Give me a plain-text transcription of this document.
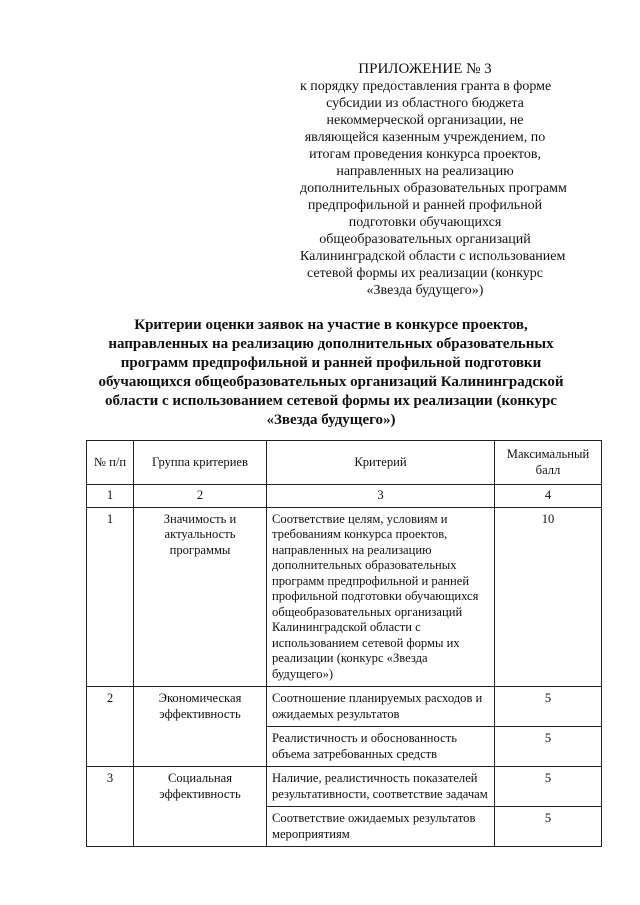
ПРИЛОЖЕНИЕ № 3
к порядку предоставления гранта в форме
субсидии из областного бюджета
некоммерческой организации, не
являющейся казенным учреждением, по
итогам проведения конкурса проектов,
направленных на реализацию
дополнительных образовательных программ
предпрофильной и ранней профильной
подготовки обучающихся
общеобразовательных организаций
Калининградской области с использованием
сетевой формы их реализации (конкурс
«Звезда будущего»)
Критерии оценки заявок на участие в конкурсе проектов,
направленных на реализацию дополнительных образовательных
программ предпрофильной и ранней профильной подготовки
обучающихся общеобразовательных организаций Калининградской
области с использованием сетевой формы их реализации (конкурс
«Звезда будущего»)
№ п/п	Группа критериев	Критерий	Максимальный балл
1	2	3	4
1	Значимость и актуальность программы	Соответствие целям, условиям и требованиям конкурса проектов, направленных на реализацию дополнительных образовательных программ предпрофильной и ранней профильной подготовки обучающихся общеобразовательных организаций Калининградской области с использованием сетевой формы их реализации (конкурс «Звезда будущего»)	10
2	Экономическая эффективность	Соотношение планируемых расходов и ожидаемых результатов	5
		Реалистичность и обоснованность объема затребованных средств	5
3	Социальная эффективность	Наличие, реалистичность показателей результативности, соответствие задачам	5
		Соответствие ожидаемых результатов мероприятиям	5
